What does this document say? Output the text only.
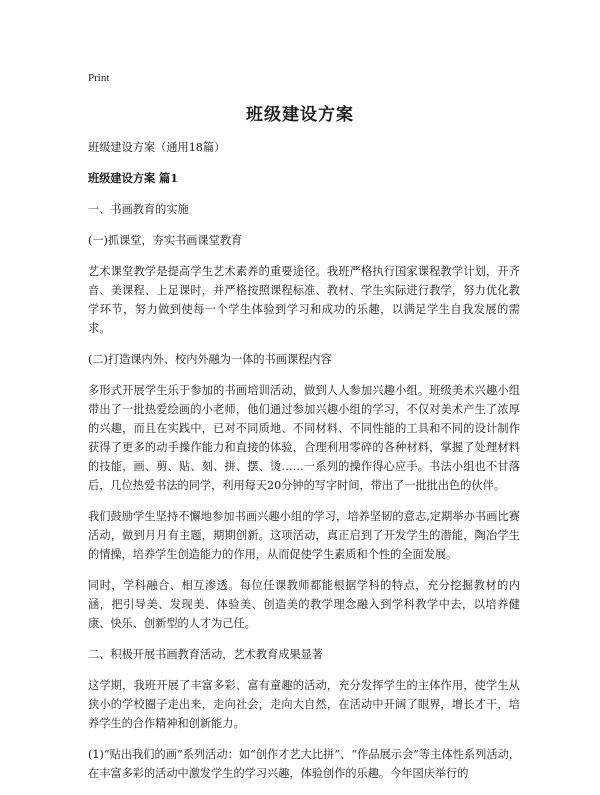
Print
班级建设方案

班级建设方案（通用18篇）

班级建设方案 篇1

一、书画教育的实施

(一)抓课堂，夯实书画课堂教育

艺术课堂教学是提高学生艺术素养的重要途径。我班严格执行国家课程教学计划，开齐音、美课程、上足课时，并严格按照课程标准、教材、学生实际进行教学，努力优化教学环节，努力做到使每一个学生体验到学习和成功的乐趣，以满足学生自我发展的需求。

(二)打造课内外、校内外融为一体的书画课程内容

多形式开展学生乐于参加的书画培训活动，做到人人参加兴趣小组。班级美术兴趣小组带出了一批热爱绘画的小老师，他们通过参加兴趣小组的学习，不仅对美术产生了浓厚的兴趣，而且在实践中，已对不同质地、不同材料、不同性能的工具和不同的设计制作获得了更多的动手操作能力和直接的体验，合理利用零碎的各种材料，掌握了处理材料的技能，画、剪、贴、刻、拼、摆、烫……一系列的操作得心应手。书法小组也不甘落后，几位热爱书法的同学，利用每天20分钟的写字时间，带出了一批批出色的伙伴。

我们鼓励学生坚持不懈地参加书画兴趣小组的学习，培养坚韧的意志,定期举办书画比赛活动，做到月月有主题，期期创新。这项活动，真正启到了开发学生的潜能，陶冶学生的情操，培养学生创造能力的作用，从而促使学生素质和个性的全面发展。

同时，学科融合、相互渗透。每位任课教师都能根据学科的特点，充分挖掘教材的内涵，把引导美、发现美、体验美、创造美的教学理念融入到学科教学中去，以培养健康、快乐、创新型的人才为己任。

二、积极开展书画教育活动，艺术教育成果显著

这学期，我班开展了丰富多彩、富有童趣的活动，充分发挥学生的主体作用，使学生从狭小的学校圈子走出来，走向社会，走向大自然，在活动中开阔了眼界，增长才干，培养学生的合作精神和创新能力。

(1)“贴出我们的画”系列活动：如“创作才艺大比拼”、“作品展示会”等主体性系列活动，在丰富多彩的活动中激发学生的学习兴趣，体验创作的乐趣。今年国庆举行的
